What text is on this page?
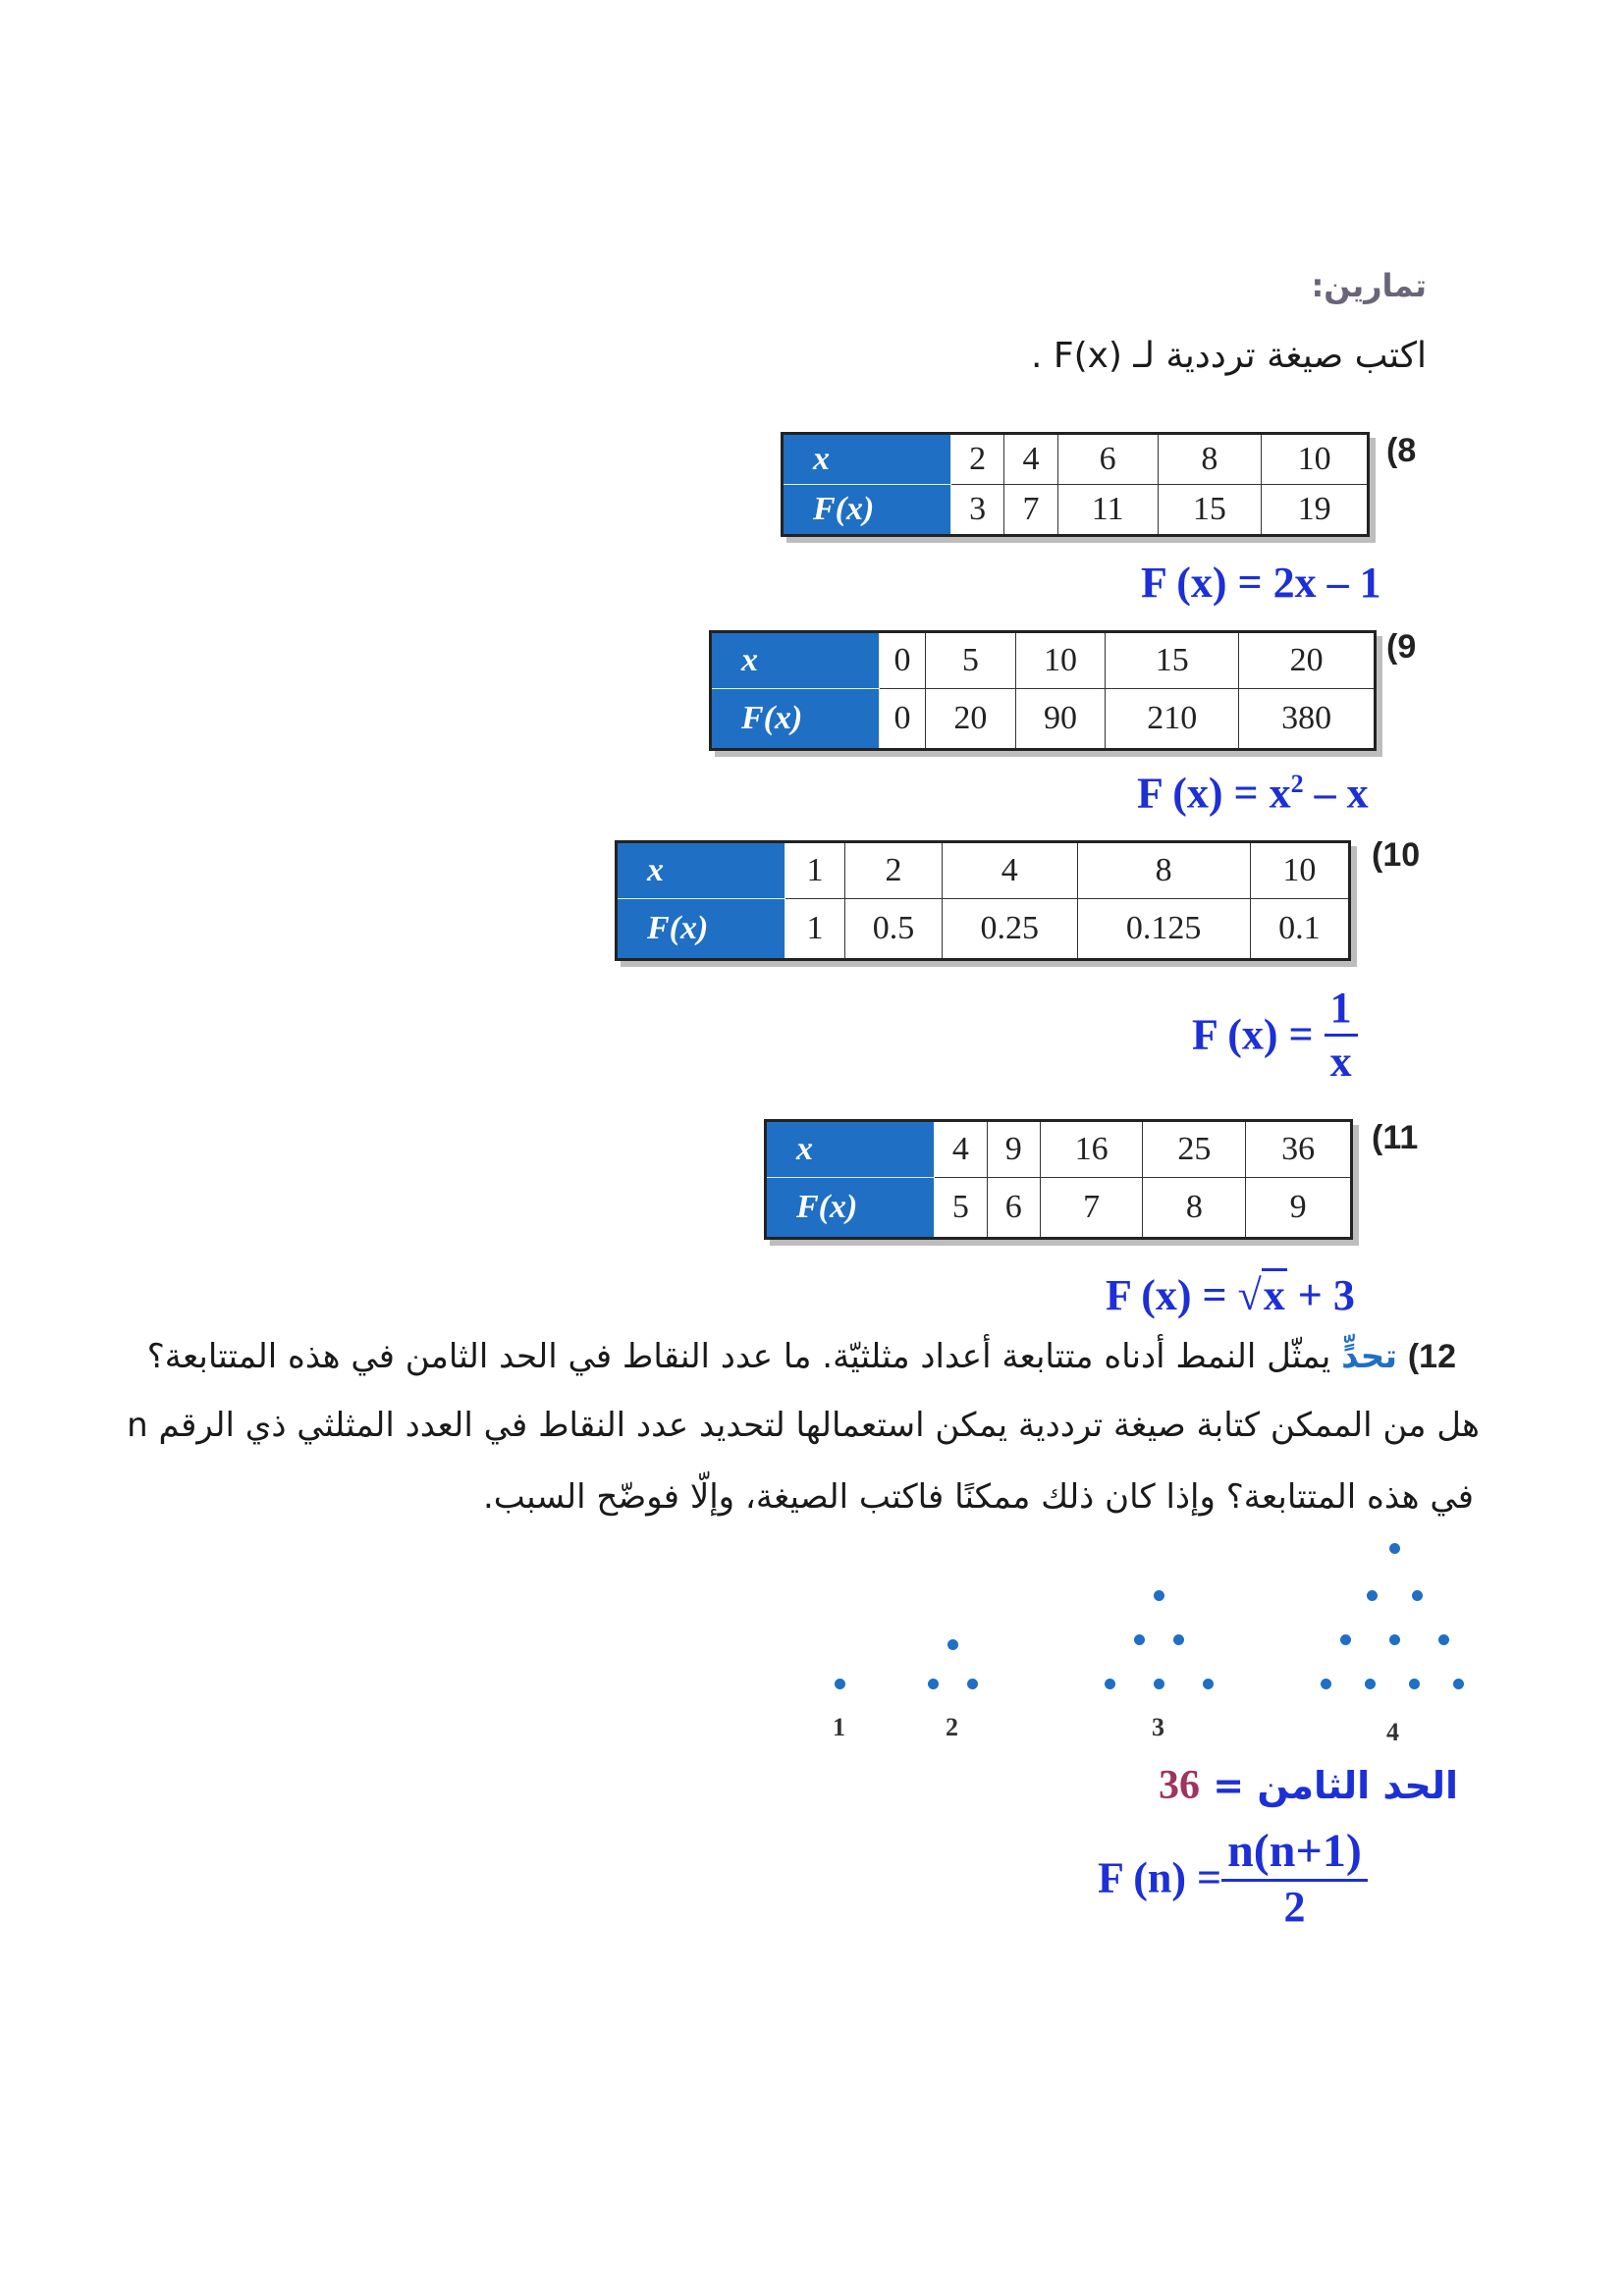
تمارين:
اكتب صيغة ترددية لـ F(x) .
(8
x	2	4	6	8	10
F(x)	3	7	11	15	19
F (x) = 2x – 1
(9
x	0	5	10	15	20
F(x)	0	20	90	210	380
F $(x) = x^2 - x$
(10
x	1	2	4	8	10
F(x)	1	0.5	0.25	0.125	0.1
F $(x) = \frac{1}{x}$
(11
x	4	9	16	25	36
F(x)	5	6	7	8	9
F (x) = √x + 3
12) تحدٍّ يمثّل النمط أدناه متتابعة أعداد مثلثيّة. ما عدد النقاط في الحد الثامن في هذه المتتابعة؟
هل من الممكن كتابة صيغة ترددية يمكن استعمالها لتحديد عدد النقاط في العدد المثلثي ذي الرقم n
في هذه المتتابعة؟ وإذا كان ذلك ممكنًا فاكتب الصيغة، وإلّا فوضّح السبب.
1	2	3	4
الحد الثامن = 36
F $(n) = \frac{n(n+1)}{2}$
